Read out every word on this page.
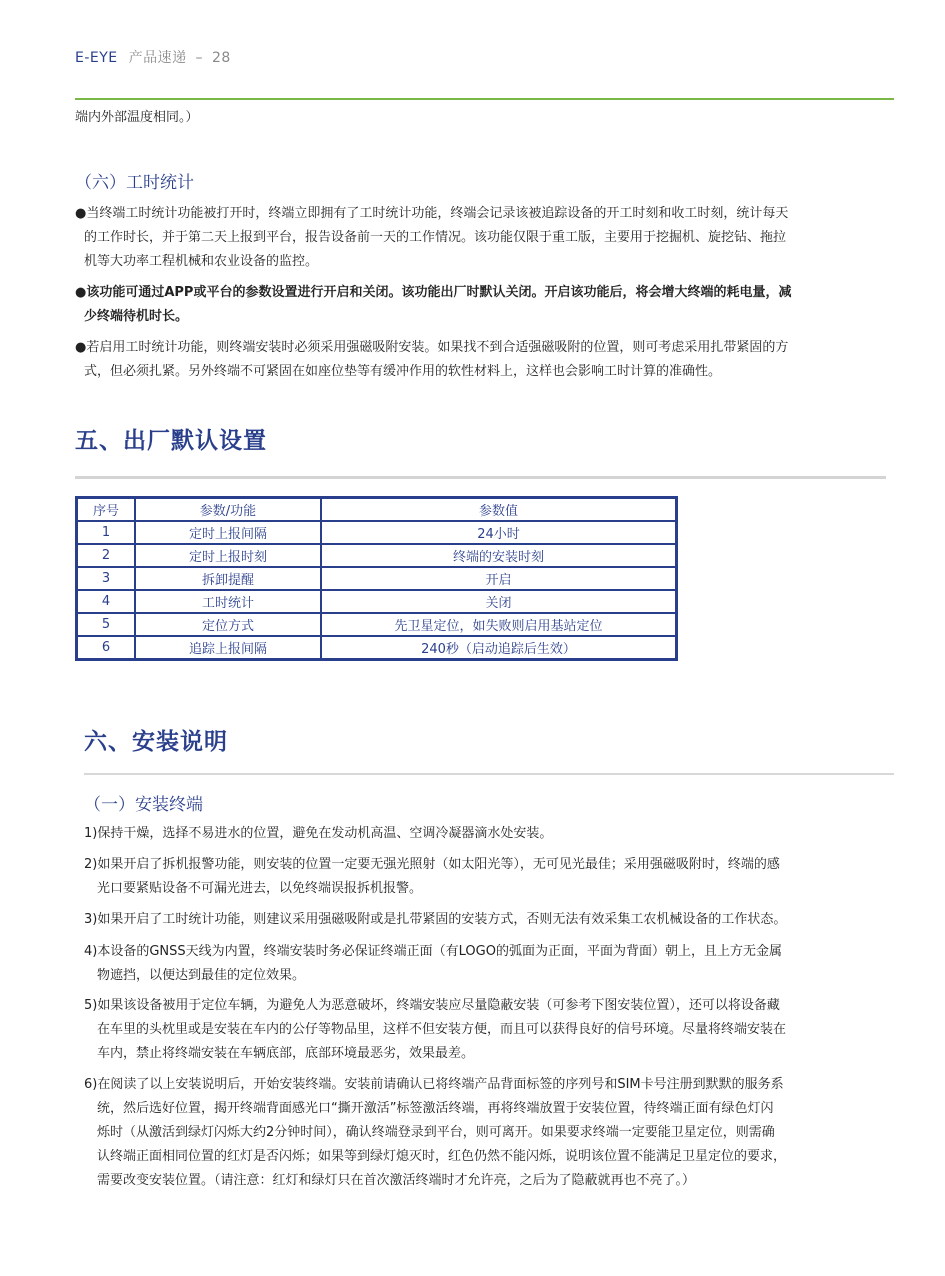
E-EYE 产品速递 – 28
端内外部温度相同。）
（六）工时统计
●当终端工时统计功能被打开时，终端立即拥有了工时统计功能，终端会记录该被追踪设备的开工时刻和收工时刻，统计每天
的工作时长，并于第二天上报到平台，报告设备前一天的工作情况。该功能仅限于重工版，主要用于挖掘机、旋挖钻、拖拉
机等大功率工程机械和农业设备的监控。
●该功能可通过APP或平台的参数设置进行开启和关闭。该功能出厂时默认关闭。开启该功能后，将会增大终端的耗电量，减
少终端待机时长。
●若启用工时统计功能，则终端安装时必须采用强磁吸附安装。如果找不到合适强磁吸附的位置，则可考虑采用扎带紧固的方
式，但必须扎紧。另外终端不可紧固在如座位垫等有缓冲作用的软性材料上，这样也会影响工时计算的准确性。
五、出厂默认设置
序号	参数/功能	参数值
1	定时上报间隔	24小时
2	定时上报时刻	终端的安装时刻
3	拆卸提醒	开启
4	工时统计	关闭
5	定位方式	先卫星定位，如失败则启用基站定位
6	追踪上报间隔	240秒（启动追踪后生效）
六、安装说明
（一）安装终端
1)保持干燥，选择不易进水的位置，避免在发动机高温、空调冷凝器滴水处安装。
2)如果开启了拆机报警功能，则安装的位置一定要无强光照射（如太阳光等），无可见光最佳；采用强磁吸附时，终端的感
光口要紧贴设备不可漏光进去，以免终端误报拆机报警。
3)如果开启了工时统计功能，则建议采用强磁吸附或是扎带紧固的安装方式，否则无法有效采集工农机械设备的工作状态。
4)本设备的GNSS天线为内置，终端安装时务必保证终端正面（有LOGO的弧面为正面，平面为背面）朝上，且上方无金属
物遮挡，以便达到最佳的定位效果。
5)如果该设备被用于定位车辆，为避免人为恶意破坏，终端安装应尽量隐蔽安装（可参考下图安装位置），还可以将设备藏
在车里的头枕里或是安装在车内的公仔等物品里，这样不但安装方便，而且可以获得良好的信号环境。尽量将终端安装在
车内，禁止将终端安装在车辆底部，底部环境最恶劣，效果最差。
6)在阅读了以上安装说明后，开始安装终端。安装前请确认已将终端产品背面标签的序列号和SIM卡号注册到默默的服务系
统，然后选好位置，揭开终端背面感光口“撕开激活”标签激活终端，再将终端放置于安装位置，待终端正面有绿色灯闪
烁时（从激活到绿灯闪烁大约2分钟时间），确认终端登录到平台，则可离开。如果要求终端一定要能卫星定位，则需确
认终端正面相同位置的红灯是否闪烁；如果等到绿灯熄灭时，红色仍然不能闪烁，说明该位置不能满足卫星定位的要求，
需要改变安装位置。（请注意：红灯和绿灯只在首次激活终端时才允许亮，之后为了隐蔽就再也不亮了。）
